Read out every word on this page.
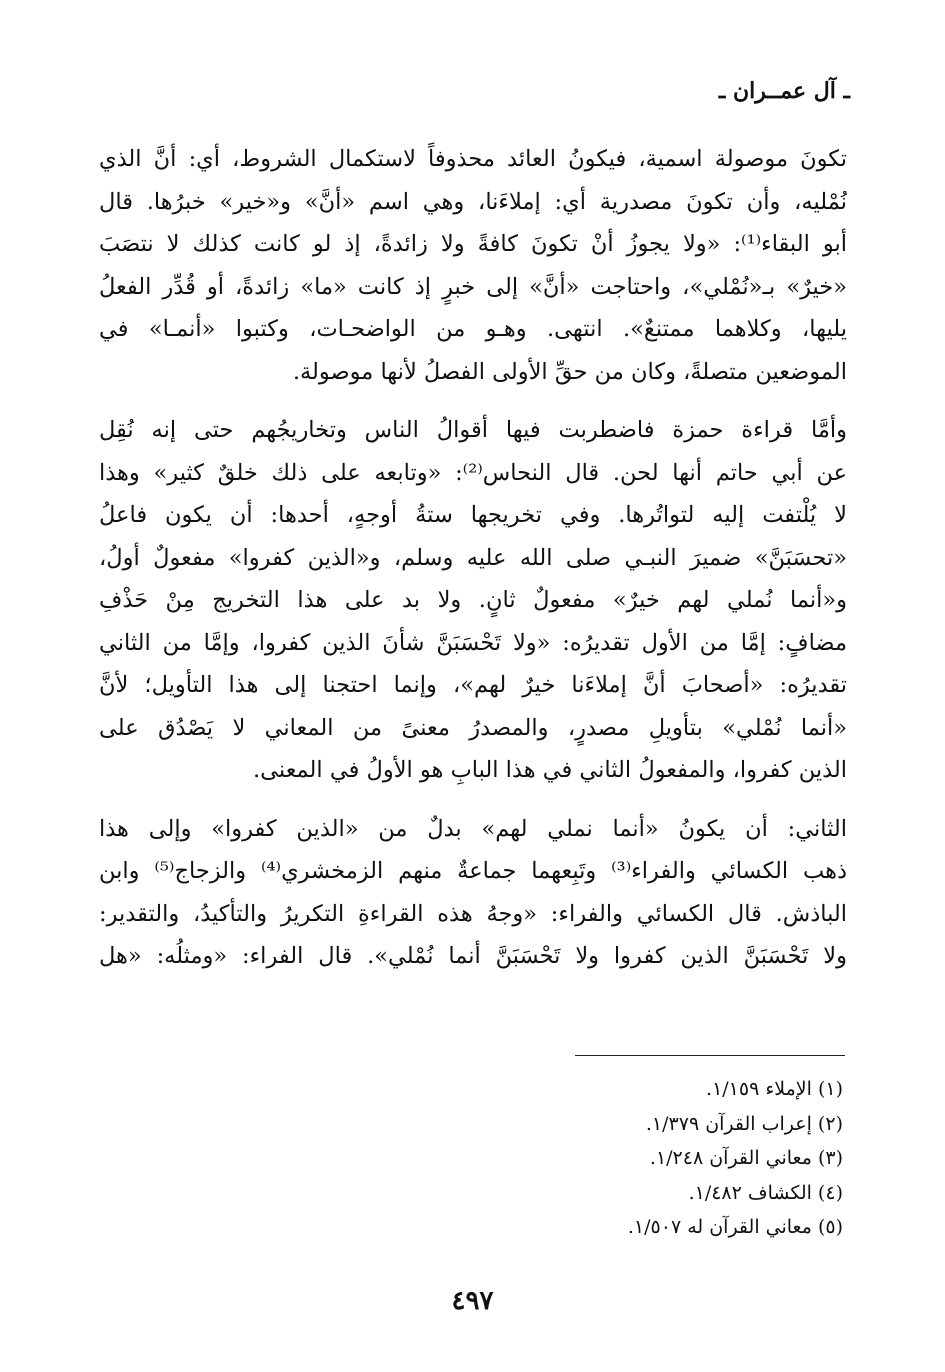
ـ آل عمــران ـ
تكونَ موصولة اسمية، فيكونُ العائد محذوفاً لاستكمال الشروط، أي: أنَّ الذي
نُمْليه، وأن تكونَ مصدرية أي: إملاءَنا، وهي اسم «أنَّ» و«خير» خبرُها. قال
أبو البقاء⁽¹⁾: «ولا يجوزُ أنْ تكونَ كافةً ولا زائدةً، إذ لو كانت كذلك لا نتصَبَ
«خيرٌ» بـ«نُمْلي»، واحتاجت «أنَّ» إلى خبرٍ إذ كانت «ما» زائدةً، أو قُدِّر الفعلُ
يليها، وكلاهما ممتنعٌ». انتهى. وهـو من الواضحـات، وكتبوا «أنمـا» في
الموضعين متصلةً، وكان من حقِّ الأولى الفصلُ لأنها موصولة.
وأمَّا قراءة حمزة فاضطربت فيها أقوالُ الناس وتخاريجُهم حتى إنه نُقِل
عن أبي حاتم أنها لحن. قال النحاس⁽²⁾: «وتابعه على ذلك خلقٌ كثير» وهذا
لا يُلْتفت إليه لتواتُرها. وفي تخريجها ستةُ أوجهٍ، أحدها: أن يكون فاعلُ
«تحسَبَنَّ» ضميرَ النبـي صلى الله عليه وسلم، و«الذين كفروا» مفعولٌ أولُ،
و«أنما نُملي لهم خيرٌ» مفعولٌ ثانٍ. ولا بد على هذا التخريج مِنْ حَذْفِ
مضافٍ: إمَّا من الأول تقديرُه: «ولا تَحْسَبَنَّ شأنَ الذين كفروا، وإمَّا من الثاني
تقديرُه: «أصحابَ أنَّ إملاءَنا خيرٌ لهم»، وإنما احتجنا إلى هذا التأويل؛ لأنَّ
«أنما نُمْلي» بتأويلِ مصدرٍ، والمصدرُ معنىً من المعاني لا يَصْدُق على
الذين كفروا، والمفعولُ الثاني في هذا البابِ هو الأولُ في المعنى.
الثاني: أن يكونُ «أنما نملي لهم» بدلٌ من «الذين كفروا» وإلى هذا
ذهب الكسائي والفراء⁽³⁾ وتَبِعهما جماعةٌ منهم الزمخشري⁽⁴⁾ والزجاج⁽⁵⁾ وابن
الباذش. قال الكسائي والفراء: «وجهُ هذه القراءةِ التكريرُ والتأكيدُ، والتقدير:
ولا تَحْسَبَنَّ الذين كفروا ولا تَحْسَبَنَّ أنما نُمْلي». قال الفراء: «ومثلُه: «هل
(١) الإملاء ١/١٥٩.
(٢) إعراب القرآن ١/٣٧٩.
(٣) معاني القرآن ١/٢٤٨.
(٤) الكشاف ١/٤٨٢.
(٥) معاني القرآن له ١/٥٠٧.
٤٩٧
